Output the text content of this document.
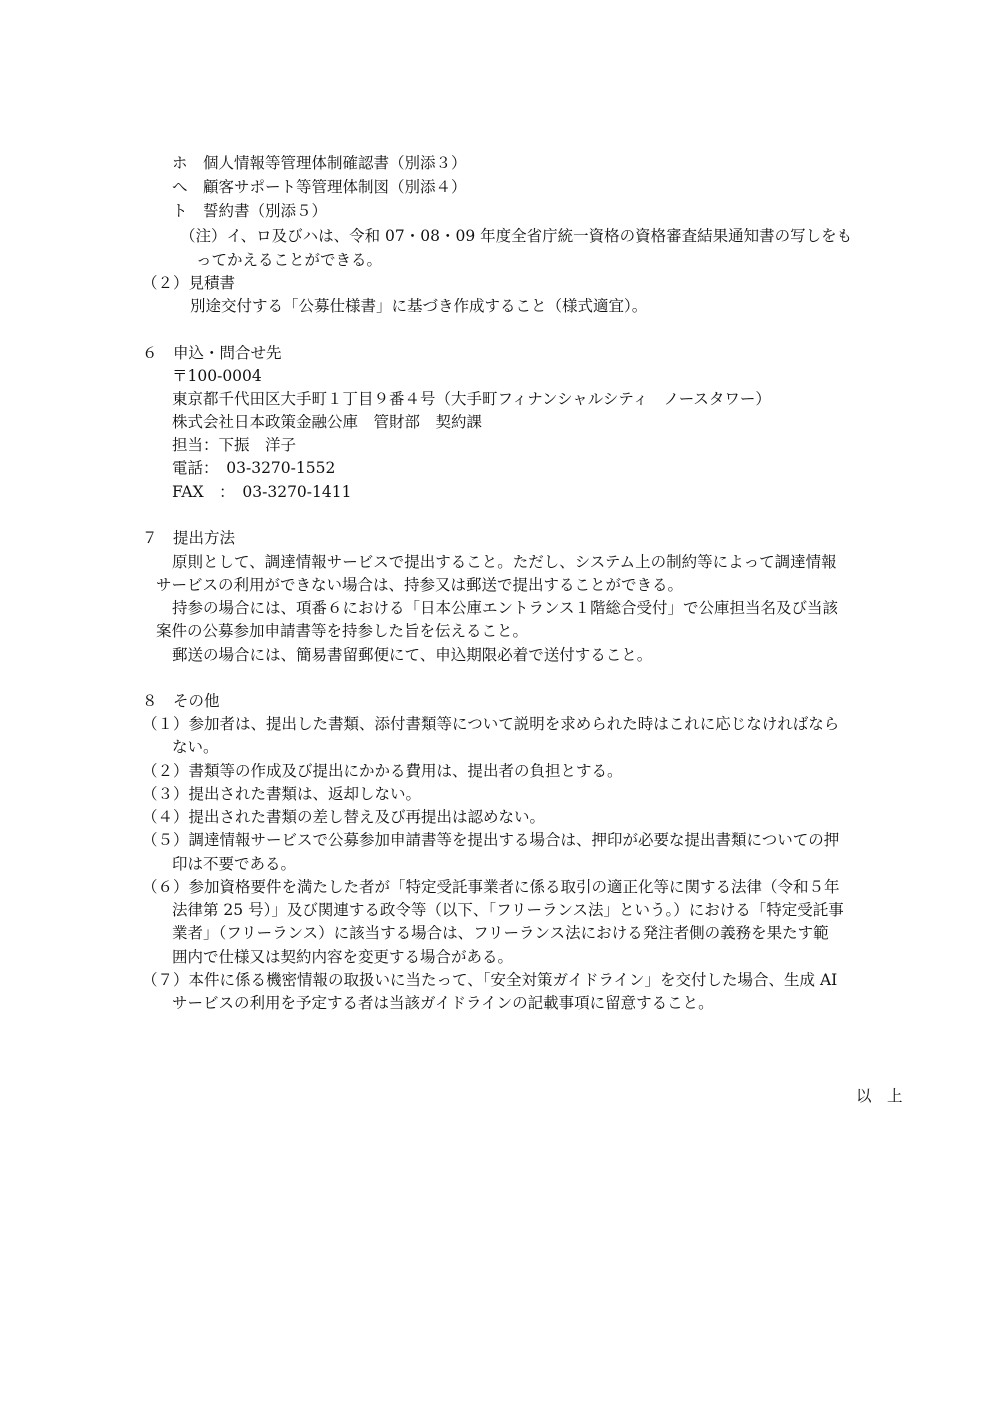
ホ　個人情報等管理体制確認書（別添３）
へ　顧客サポート等管理体制図（別添４）
ト　誓約書（別添５）
（注）イ、ロ及びハは、令和 07・08・09 年度全省庁統一資格の資格審査結果通知書の写しをも
ってかえることができる。
（２）見積書
別途交付する「公募仕様書」に基づき作成すること（様式適宜）。
６　申込・問合せ先
〒100-0004
東京都千代田区大手町１丁目９番４号（大手町フィナンシャルシティ　ノースタワー）
株式会社日本政策金融公庫　管財部　契約課
担当：下振　洋子
電話：　03-3270-1552
FAX　：　03-3270-1411
７　提出方法
原則として、調達情報サービスで提出すること。ただし、システム上の制約等によって調達情報
サービスの利用ができない場合は、持参又は郵送で提出することができる。
持参の場合には、項番６における「日本公庫エントランス１階総合受付」で公庫担当名及び当該
案件の公募参加申請書等を持参した旨を伝えること。
郵送の場合には、簡易書留郵便にて、申込期限必着で送付すること。
８　その他
（１）参加者は、提出した書類、添付書類等について説明を求められた時はこれに応じなければなら
ない。
（２）書類等の作成及び提出にかかる費用は、提出者の負担とする。
（３）提出された書類は、返却しない。
（４）提出された書類の差し替え及び再提出は認めない。
（５）調達情報サービスで公募参加申請書等を提出する場合は、押印が必要な提出書類についての押
印は不要である。
（６）参加資格要件を満たした者が「特定受託事業者に係る取引の適正化等に関する法律（令和５年
法律第 25 号）」及び関連する政令等（以下、「フリーランス法」という。）における「特定受託事
業者」（フリーランス）に該当する場合は、フリーランス法における発注者側の義務を果たす範
囲内で仕様又は契約内容を変更する場合がある。
（７）本件に係る機密情報の取扱いに当たって、「安全対策ガイドライン」を交付した場合、生成 AI
サービスの利用を予定する者は当該ガイドラインの記載事項に留意すること。
以　上
